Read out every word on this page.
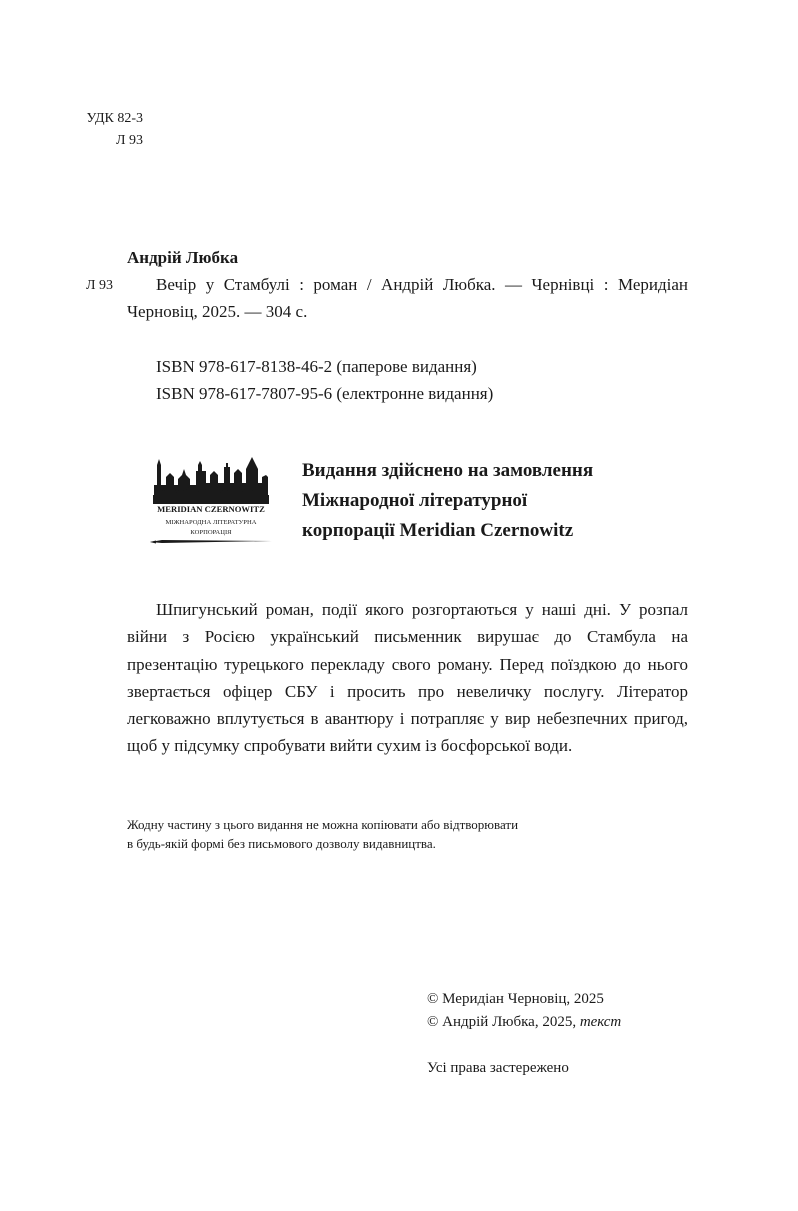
УДК 82-3
Л 93
Андрій Любка
Л 93	Вечір у Стамбулі : роман / Андрій Любка. — Чернівці : Меридіан Черновіц, 2025. — 304 с.
ISBN 978-617-8138-46-2 (паперове видання)
ISBN 978-617-7807-95-6 (електронне видання)
MERIDIAN CZERNOWITZ
МІЖНАРОДНА ЛІТЕРАТУРНА
КОРПОРАЦІЯ
Видання здійснено на замовлення
Міжнародної літературної
корпорації Meridian Czernowitz
Шпигунський роман, події якого розгортаються у наші дні. У розпал війни з Росією український письменник вирушає до Стамбула на презентацію турецького перекладу свого роману. Перед поїздкою до нього звертається офіцер СБУ і просить про невеличку послугу. Літератор легковажно вплутується в авантюру і потрапляє у вир небезпечних пригод, щоб у підсумку спробувати вийти сухим із босфорської води.
Жодну частину з цього видання не можна копіювати або відтворювати
в будь-якій формі без письмового дозволу видавництва.
© Меридіан Черновіц, 2025
© Андрій Любка, 2025, текст
Усі права застережено
